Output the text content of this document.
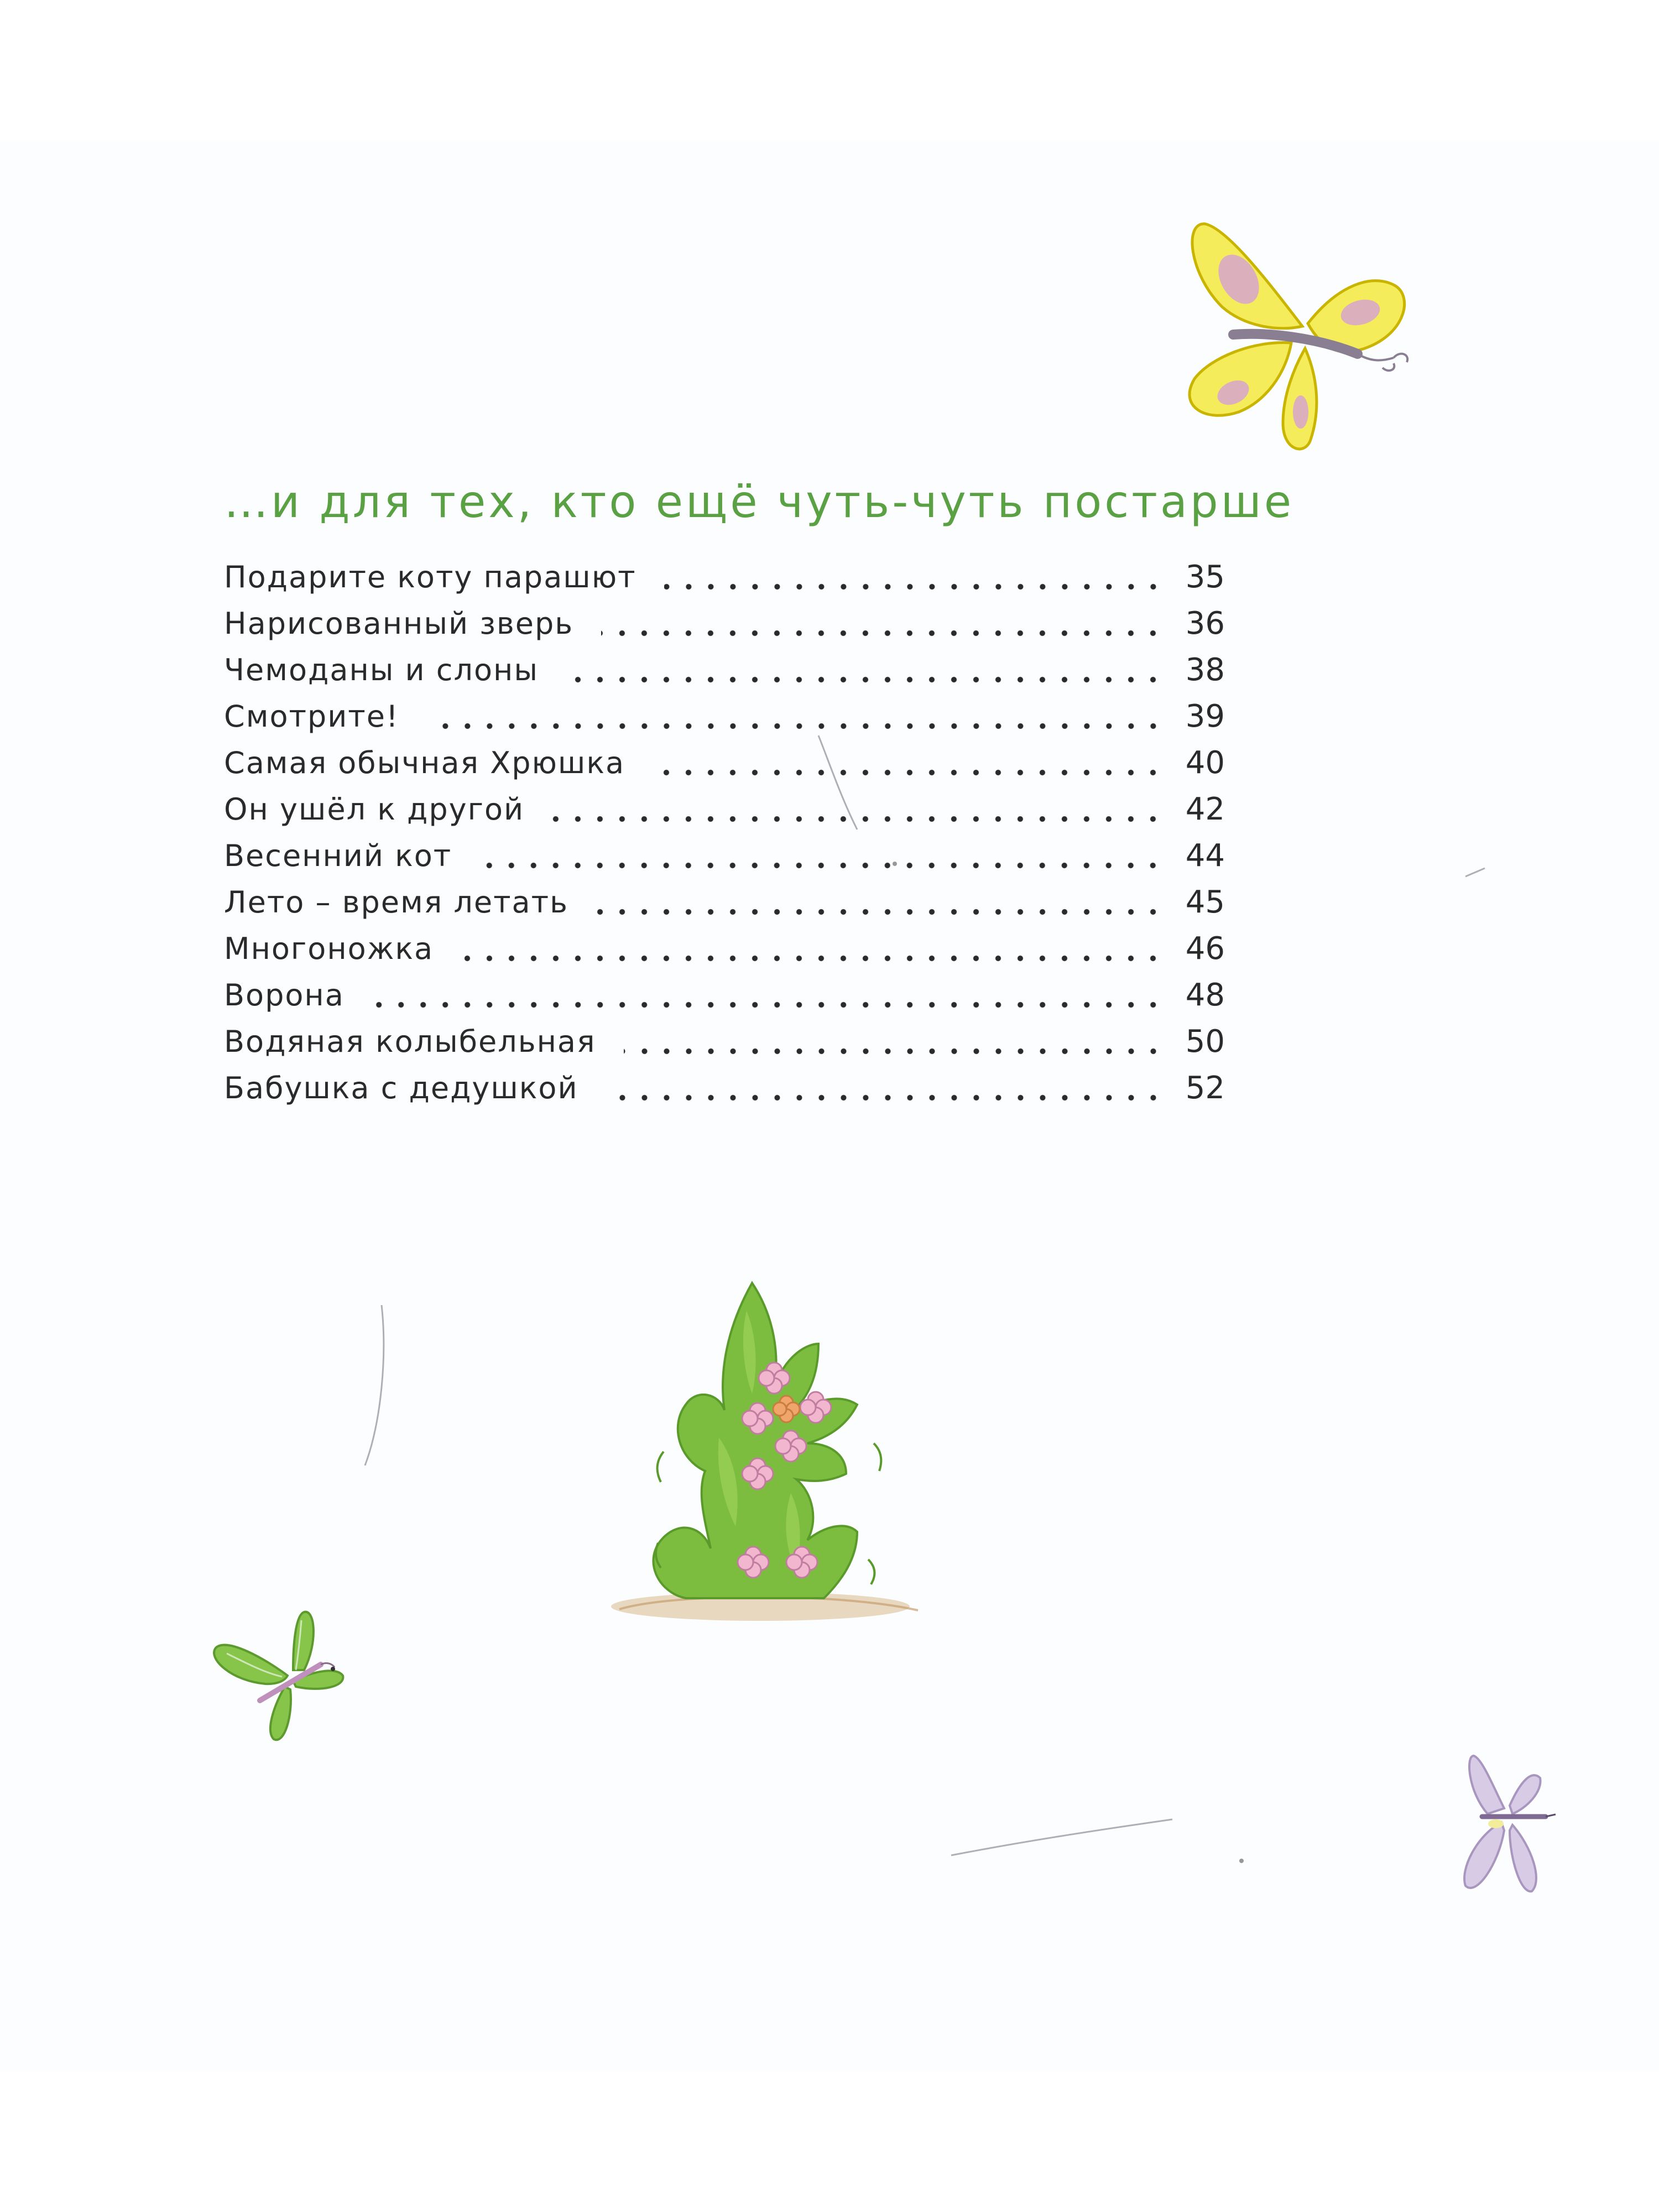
…и для тех, кто ещё чуть-чуть постарше
Подарите коту парашют	35
Нарисованный зверь	36
Чемоданы и слоны	38
Смотрите!	39
Самая обычная Хрюшка	40
Он ушёл к другой	42
Весенний кот	44
Лето – время летать	45
Многоножка	46
Ворона	48
Водяная колыбельная	50
Бабушка с дедушкой	52
